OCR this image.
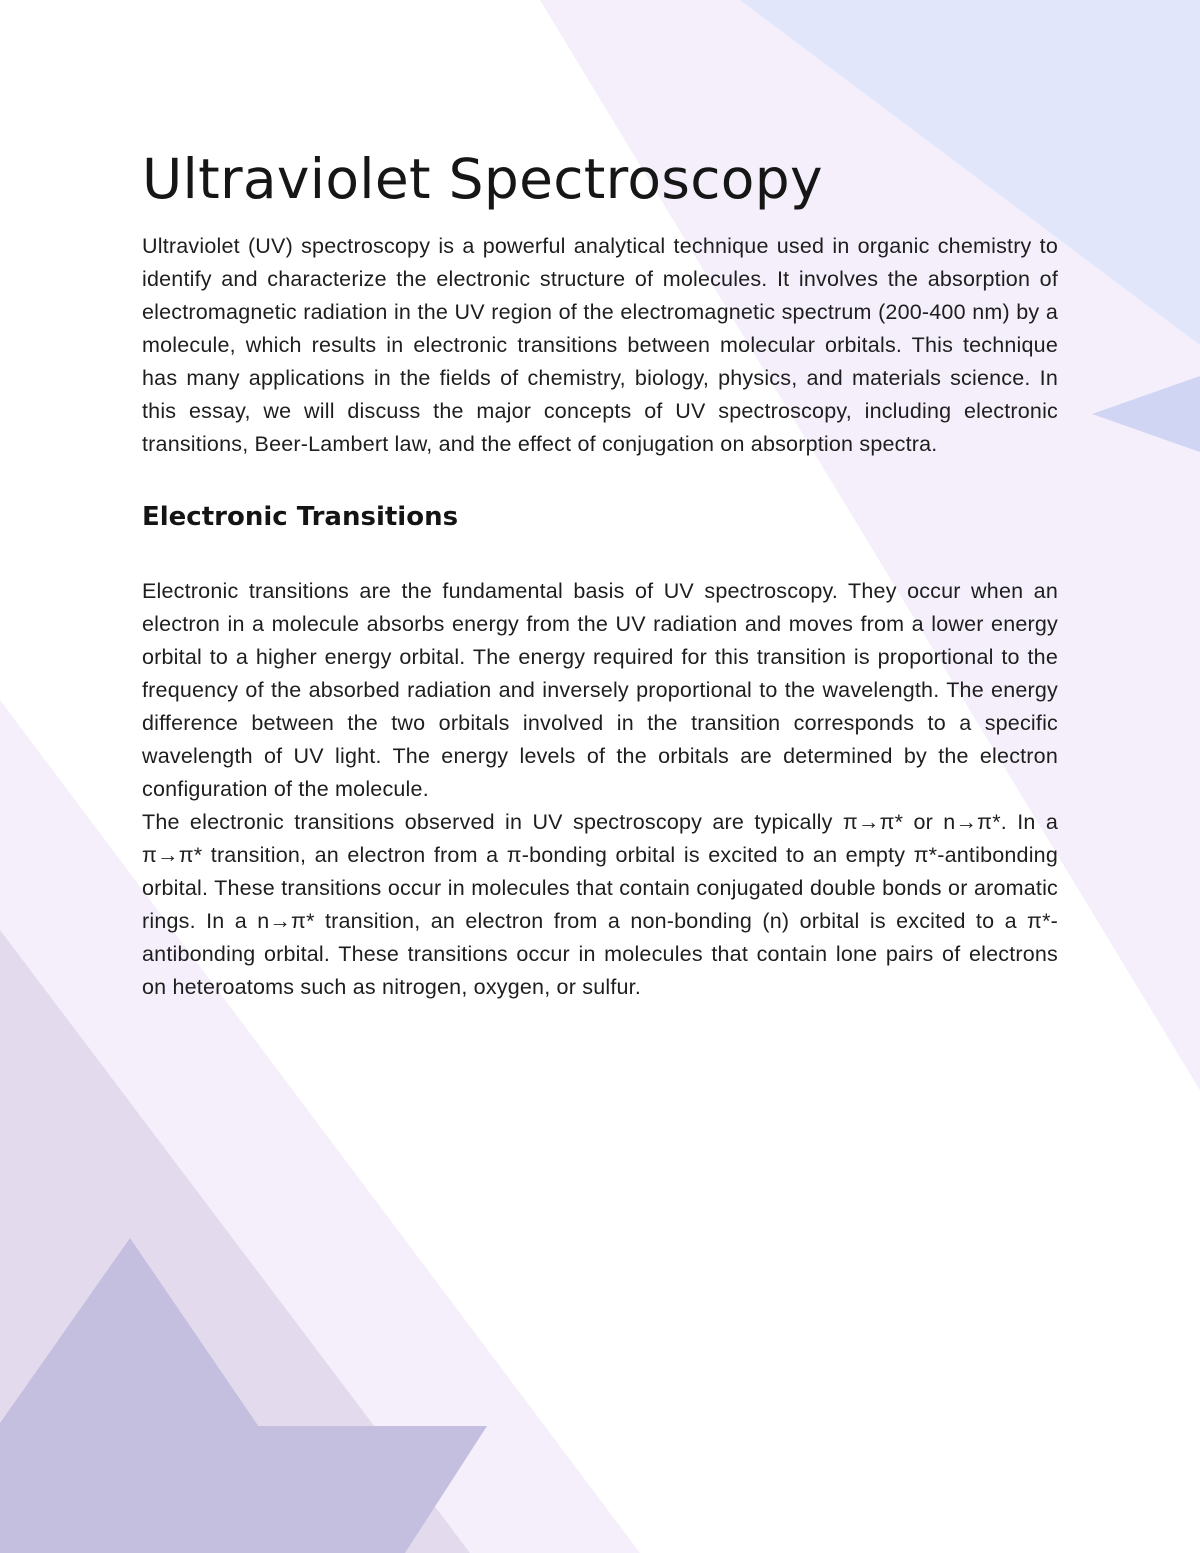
Ultraviolet Spectroscopy

Ultraviolet (UV) spectroscopy is a powerful analytical technique used in organic chemistry to identify and characterize the electronic structure of molecules. It involves the absorption of electromagnetic radiation in the UV region of the electromagnetic spectrum (200-400 nm) by a molecule, which results in electronic transitions between molecular orbitals. This technique has many applications in the fields of chemistry, biology, physics, and materials science. In this essay, we will discuss the major concepts of UV spectroscopy, including electronic transitions, Beer-Lambert law, and the effect of conjugation on absorption spectra.

Electronic Transitions

Electronic transitions are the fundamental basis of UV spectroscopy. They occur when an electron in a molecule absorbs energy from the UV radiation and moves from a lower energy orbital to a higher energy orbital. The energy required for this transition is proportional to the frequency of the absorbed radiation and inversely proportional to the wavelength. The energy difference between the two orbitals involved in the transition corresponds to a specific wavelength of UV light. The energy levels of the orbitals are determined by the electron configuration of the molecule.

The electronic transitions observed in UV spectroscopy are typically π→π* or n→π*. In a π→π* transition, an electron from a π-bonding orbital is excited to an empty π*-antibonding orbital. These transitions occur in molecules that contain conjugated double bonds or aromatic rings. In a n→π* transition, an electron from a non-bonding (n) orbital is excited to a π*-antibonding orbital. These transitions occur in molecules that contain lone pairs of electrons on heteroatoms such as nitrogen, oxygen, or sulfur.
